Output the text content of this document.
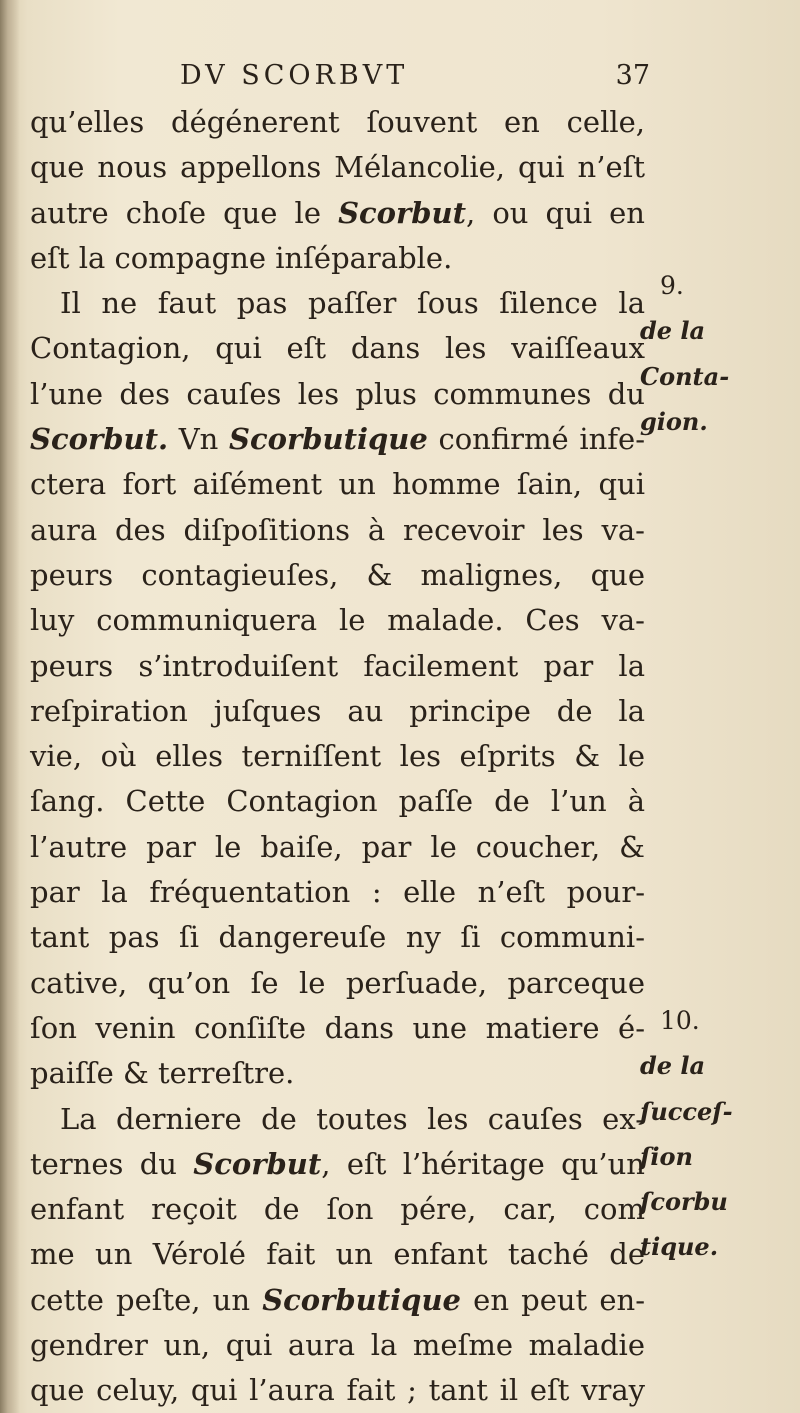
DV SCORBVT	37
qu’elles dégénerent ſouvent en celle,
que nous appellons Mélancolie, qui n’eſt
autre choſe que le Scorbut, ou qui en
eſt la compagne inſéparable.
Il ne faut pas paſſer ſous ſilence la
Contagion, qui eſt dans les vaiſſeaux
l’une des cauſes les plus communes du
Scorbut. Vn Scorbutique confirmé infe-
ctera fort aiſément un homme ſain, qui
aura des diſpoſitions à recevoir les va-
peurs contagieuſes, & malignes, que
luy communiquera le malade. Ces va-
peurs s’introduiſent facilement par la
reſpiration juſques au principe de la
vie, où elles terniſſent les eſprits & le
ſang. Cette Contagion paſſe de l’un à
l’autre par le baiſe, par le coucher, &
par la fréquentation : elle n’eſt pour-
tant pas ſi dangereuſe ny ſi communi-
cative, qu’on ſe le perſuade, parceque
ſon venin conſiſte dans une matiere é-
paiſſe & terreſtre.
La derniere de toutes les cauſes ex-
ternes du Scorbut, eſt l’héritage qu’un
enfant reçoit de ſon pére, car, com
me un Vérolé fait un enfant taché de
cette peſte, un Scorbutique en peut en-
gendrer un, qui aura la meſme maladie
que celuy, qui l’aura fait ; tant il eſt vray
9.
de la
Conta-
gion.
10.
de la
ſucceſ-
ſion
ſcorbu
tique.
